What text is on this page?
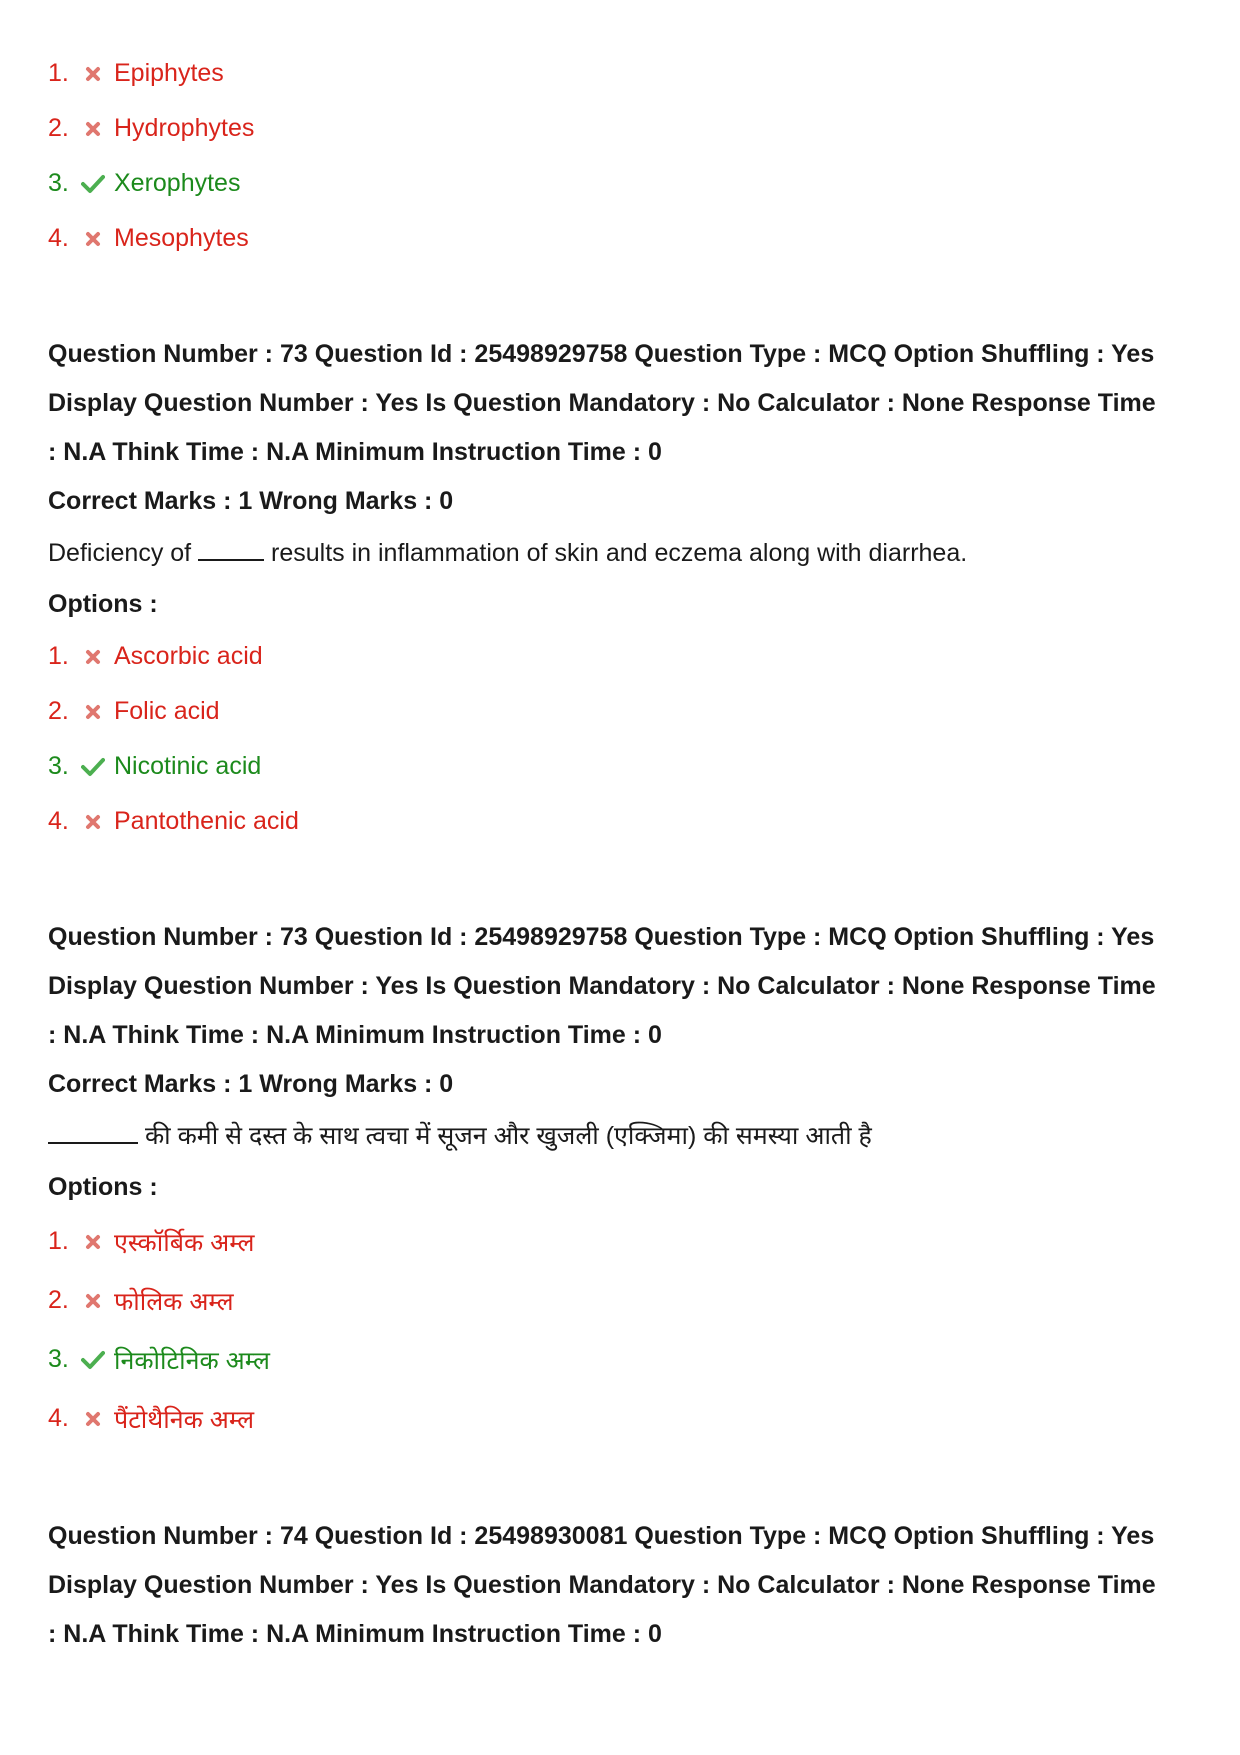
1.	Epiphytes
2.	Hydrophytes
3.	Xerophytes
4.	Mesophytes
Question Number : 73 Question Id : 25498929758 Question Type : MCQ Option Shuffling : Yes
Display Question Number : Yes Is Question Mandatory : No Calculator : None Response Time
: N.A Think Time : N.A Minimum Instruction Time : 0
Correct Marks : 1 Wrong Marks : 0
Deficiency of	results in inflammation of skin and eczema along with diarrhea.
Options :
1.	Ascorbic acid
2.	Folic acid
3.	Nicotinic acid
4.	Pantothenic acid
Question Number : 73 Question Id : 25498929758 Question Type : MCQ Option Shuffling : Yes
Display Question Number : Yes Is Question Mandatory : No Calculator : None Response Time
: N.A Think Time : N.A Minimum Instruction Time : 0
Correct Marks : 1 Wrong Marks : 0
की कमी से दस्त के साथ त्वचा में सूजन और खुजली (एक्जिमा) की समस्या आती है
Options :
1.	एस्कॉर्बिक अम्ल
2.	फोलिक अम्ल
3.	निकोटिनिक अम्ल
4.	पैंटोथैनिक अम्ल
Question Number : 74 Question Id : 25498930081 Question Type : MCQ Option Shuffling : Yes
Display Question Number : Yes Is Question Mandatory : No Calculator : None Response Time
: N.A Think Time : N.A Minimum Instruction Time : 0
